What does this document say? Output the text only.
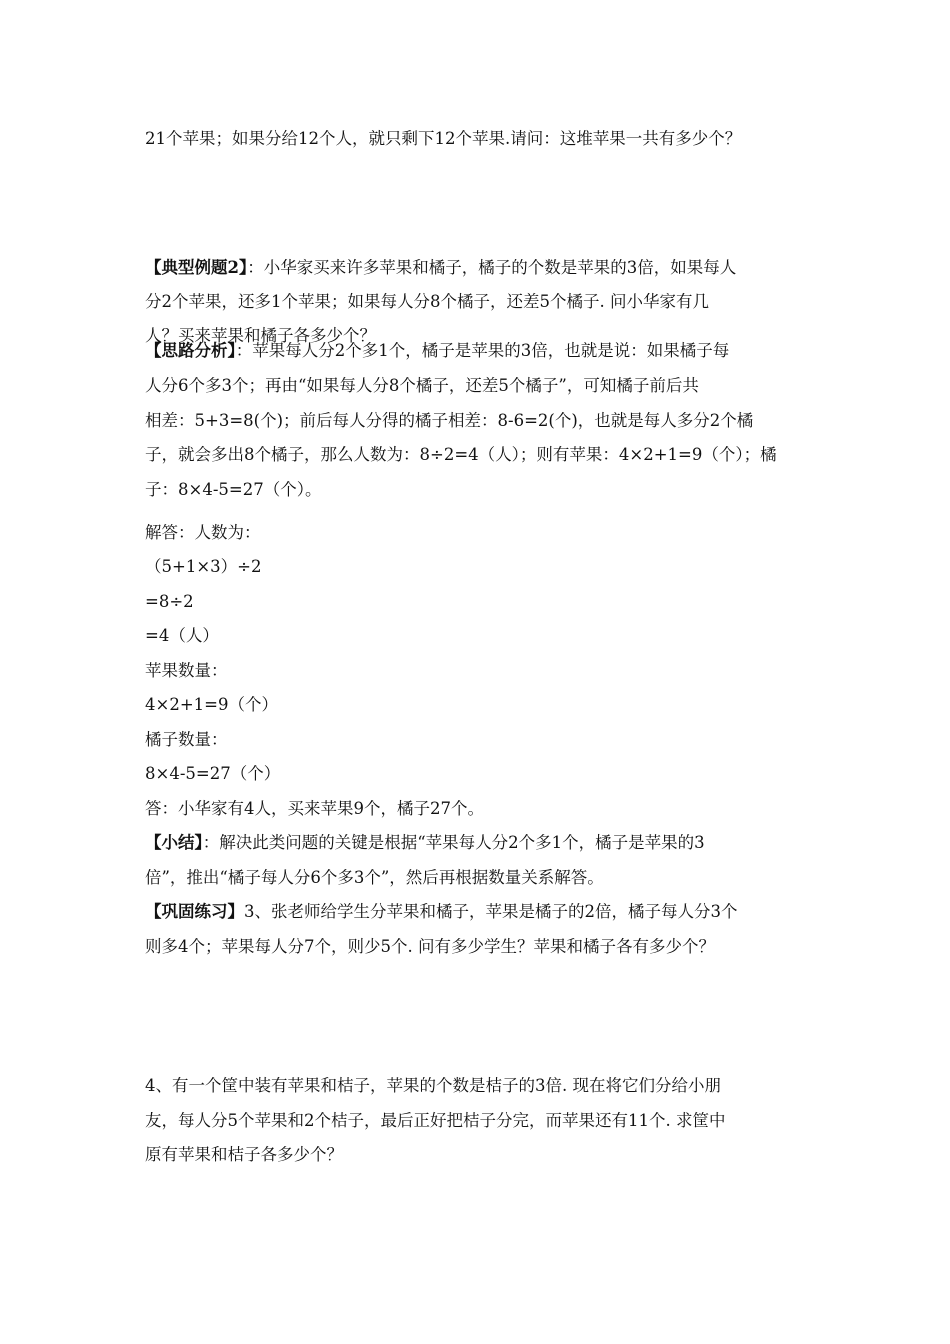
21个苹果；如果分给12个人，就只剩下12个苹果.请问：这堆苹果一共有多少个？
【典型例题2】：小华家买来许多苹果和橘子，橘子的个数是苹果的3倍，如果每人
分2个苹果，还多1个苹果；如果每人分8个橘子，还差5个橘子. 问小华家有几
人？买来苹果和橘子各多少个？
【思路分析】：苹果每人分2个多1个，橘子是苹果的3倍，也就是说：如果橘子每
人分6个多3个；再由“如果每人分8个橘子，还差5个橘子”，可知橘子前后共
相差：5+3=8(个)；前后每人分得的橘子相差：8-6=2(个)，也就是每人多分2个橘
子，就会多出8个橘子，那么人数为：8÷2=4（人）；则有苹果：4×2+1=9（个）；橘
子：8×4-5=27（个）。
解答：人数为：
（5+1×3）÷2
=8÷2
=4（人）
苹果数量：
4×2+1=9（个）
橘子数量：
8×4-5=27（个）
答：小华家有4人，买来苹果9个，橘子27个。
【小结】：解决此类问题的关键是根据“苹果每人分2个多1个，橘子是苹果的3
倍”，推出“橘子每人分6个多3个”，然后再根据数量关系解答。
【巩固练习】3、张老师给学生分苹果和橘子，苹果是橘子的2倍，橘子每人分3个
则多4个；苹果每人分7个，则少5个. 问有多少学生？苹果和橘子各有多少个？
4、有一个筐中装有苹果和桔子，苹果的个数是桔子的3倍. 现在将它们分给小朋
友，每人分5个苹果和2个桔子，最后正好把桔子分完，而苹果还有11个. 求筐中
原有苹果和桔子各多少个？
